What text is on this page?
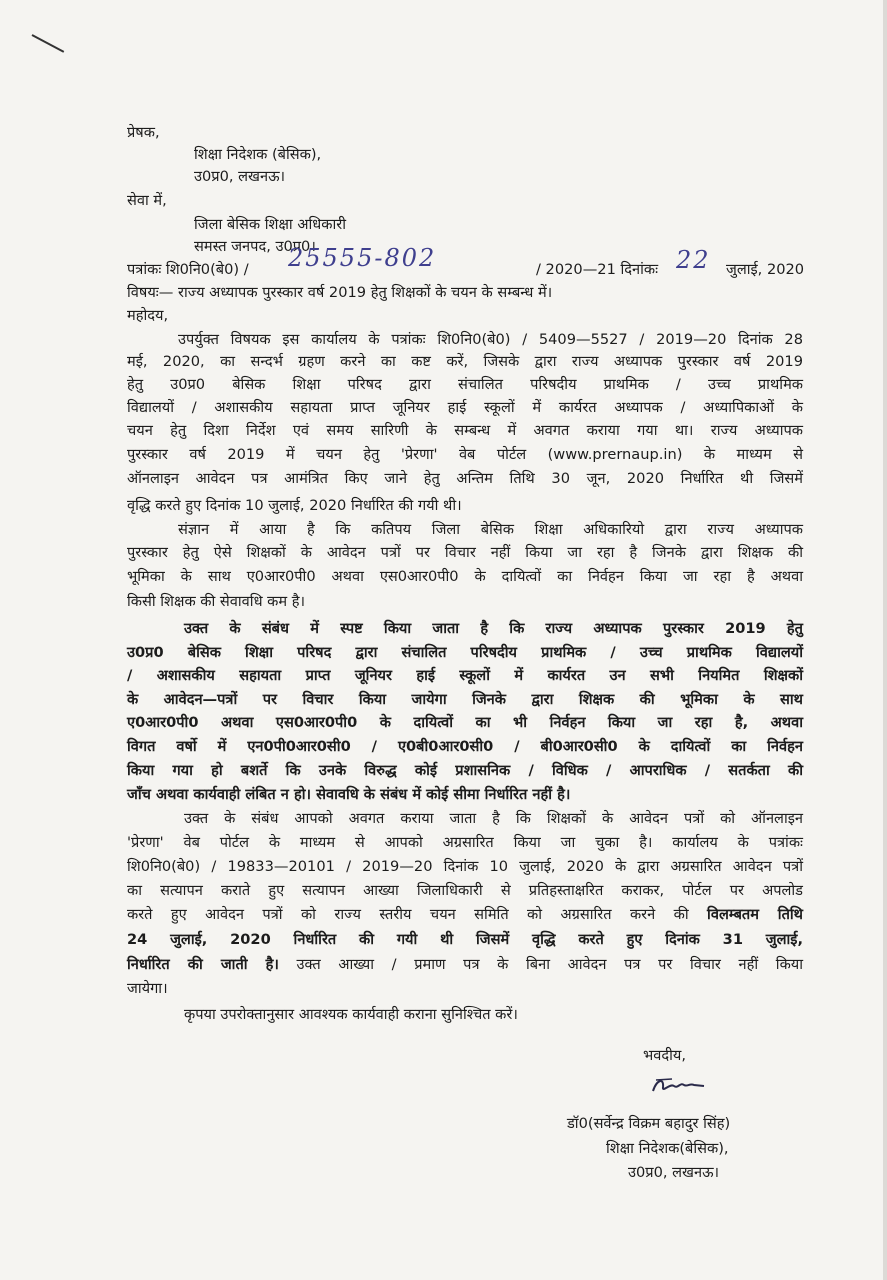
प्रेषक,
शिक्षा निदेशक (बेसिक),
उ0प्र0, लखनऊ।
सेवा में,
जिला बेसिक शिक्षा अधिकारी
समस्त जनपद, उ0प्र0।
पत्रांकः शि0नि0(बे0) / 25555-802	/ 2020—21 दिनांकः 22 जुलाई, 2020
विषयः— राज्य अध्यापक पुरस्कार वर्ष 2019 हेतु शिक्षकों के चयन के सम्बन्ध में।
महोदय,
उपर्युक्त विषयक इस कार्यालय के पत्रांकः शि0नि0(बे0) / 5409—5527 / 2019—20 दिनांक 28
मई, 2020, का सन्दर्भ ग्रहण करने का कष्ट करें, जिसके द्वारा राज्य अध्यापक पुरस्कार वर्ष 2019
हेतु उ0प्र0 बेसिक शिक्षा परिषद द्वारा संचालित परिषदीय प्राथमिक / उच्च प्राथमिक
विद्यालयों / अशासकीय सहायता प्राप्त जूनियर हाई स्कूलों में कार्यरत अध्यापक / अध्यापिकाओं के
चयन हेतु दिशा निर्देश एवं समय सारिणी के सम्बन्ध में अवगत कराया गया था। राज्य अध्यापक
पुरस्कार वर्ष 2019 में चयन हेतु 'प्रेरणा' वेब पोर्टल (www.prernaup.in) के माध्यम से
ऑनलाइन आवेदन पत्र आमंत्रित किए जाने हेतु अन्तिम तिथि 30 जून, 2020 निर्धारित थी जिसमें
वृद्धि करते हुए दिनांक 10 जुलाई, 2020 निर्धारित की गयी थी।
संज्ञान में आया है कि कतिपय जिला बेसिक शिक्षा अधिकारियो द्वारा राज्य अध्यापक
पुरस्कार हेतु ऐसे शिक्षकों के आवेदन पत्रों पर विचार नहीं किया जा रहा है जिनके द्वारा शिक्षक की
भूमिका के साथ ए0आर0पी0 अथवा एस0आर0पी0 के दायित्वों का निर्वहन किया जा रहा है अथवा
किसी शिक्षक की सेवावधि कम है।
उक्त के संबंध में स्पष्ट किया जाता है कि राज्य अध्यापक पुरस्कार 2019 हेतु
उ0प्र0 बेसिक शिक्षा परिषद द्वारा संचालित परिषदीय प्राथमिक / उच्च प्राथमिक विद्यालयों
/ अशासकीय सहायता प्राप्त जूनियर हाई स्कूलों में कार्यरत उन सभी नियमित शिक्षकों
के आवेदन—पत्रों पर विचार किया जायेगा जिनके द्वारा शिक्षक की भूमिका के साथ
ए0आर0पी0 अथवा एस0आर0पी0 के दायित्वों का भी निर्वहन किया जा रहा है, अथवा
विगत वर्षो में एन0पी0आर0सी0 / ए0बी0आर0सी0 / बी0आर0सी0 के दायित्वों का निर्वहन
किया गया हो बशर्ते कि उनके विरुद्ध कोई प्रशासनिक / विधिक / आपराधिक / सतर्कता की
जाँच अथवा कार्यवाही लंबित न हो। सेवावधि के संबंध में कोई सीमा निर्धारित नहीं है।
उक्त के संबंध आपको अवगत कराया जाता है कि शिक्षकों के आवेदन पत्रों को ऑनलाइन
'प्रेरणा' वेब पोर्टल के माध्यम से आपको अग्रसारित किया जा चुका है। कार्यालय के पत्रांकः
शि0नि0(बे0) / 19833—20101 / 2019—20 दिनांक 10 जुलाई, 2020 के द्वारा अग्रसारित आवेदन पत्रों
का सत्यापन कराते हुए सत्यापन आख्या जिलाधिकारी से प्रतिहस्ताक्षरित कराकर, पोर्टल पर अपलोड
करते हुए आवेदन पत्रों को राज्य स्तरीय चयन समिति को अग्रसारित करने की विलम्बतम तिथि
24 जुलाई, 2020 निर्धारित की गयी थी जिसमें वृद्धि करते हुए दिनांक 31 जुलाई,
निर्धारित की जाती है। उक्त आख्या / प्रमाण पत्र के बिना आवेदन पत्र पर विचार नहीं किया
जायेगा।
कृपया उपरोक्तानुसार आवश्यक कार्यवाही कराना सुनिश्चित करें।
भवदीय,
डॉ0(सर्वेन्द्र विक्रम बहादुर सिंह)
शिक्षा निदेशक(बेसिक),
उ0प्र0, लखनऊ।
